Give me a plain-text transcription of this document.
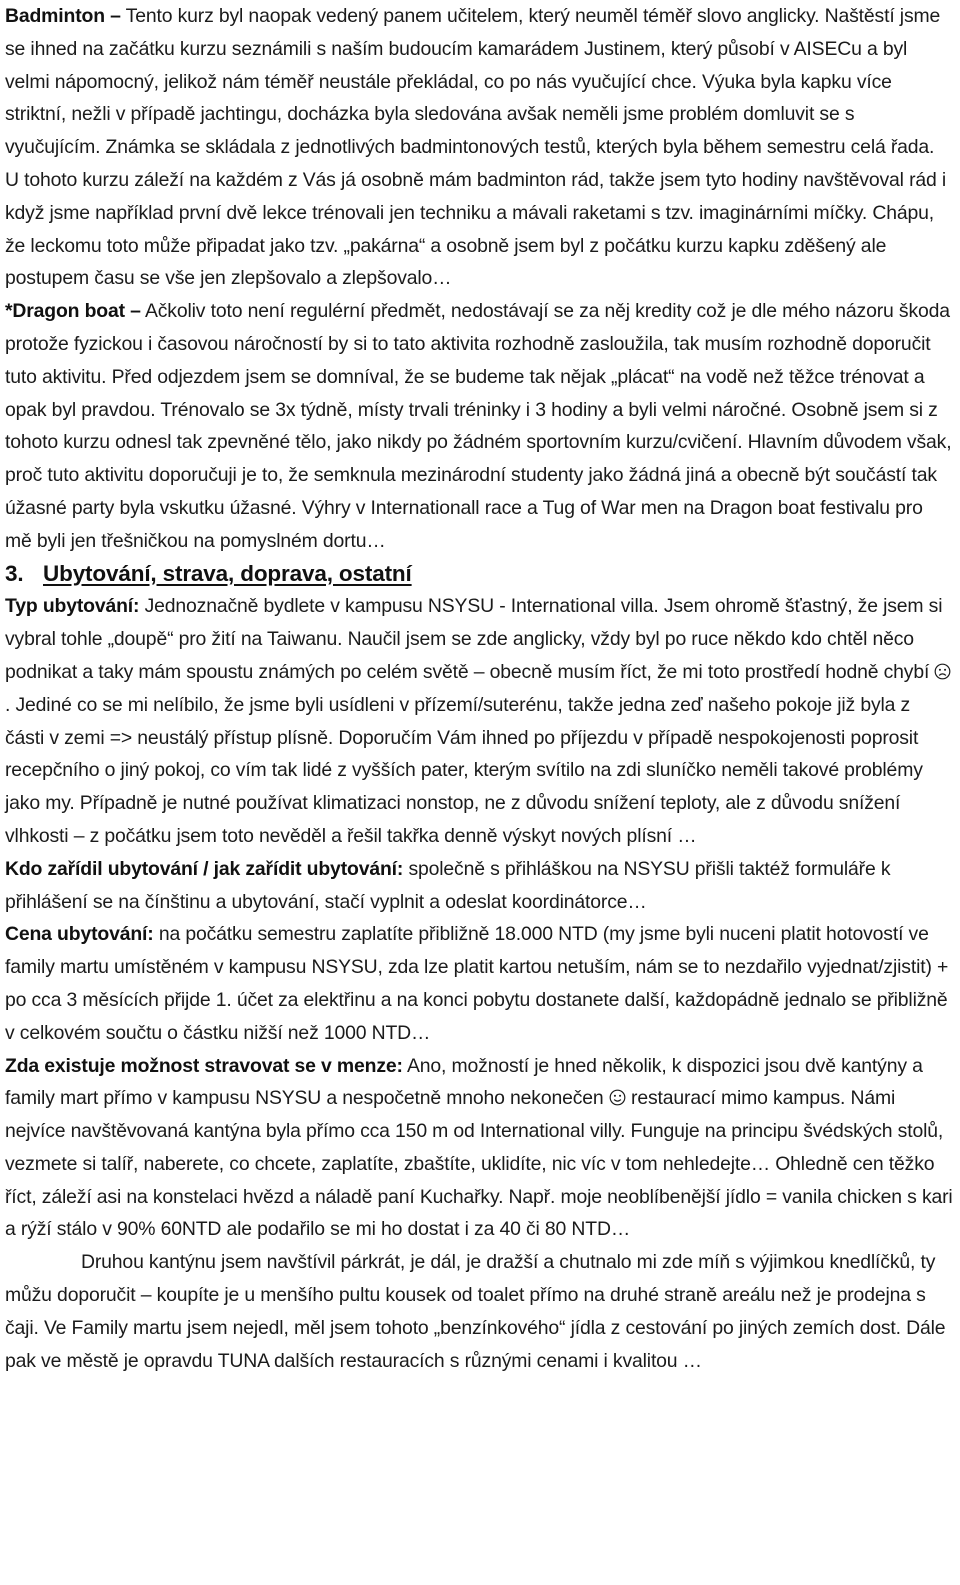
Badminton – Tento kurz byl naopak vedený panem učitelem, který neuměl téměř slovo anglicky. Naštěstí jsme se ihned na začátku kurzu seznámili s naším budoucím kamarádem Justinem, který působí v AISECu a byl velmi nápomocný, jelikož nám téměř neustále překládal, co po nás vyučující chce. Výuka byla kapku více striktní, nežli v případě jachtingu, docházka byla sledována avšak neměli jsme problém domluvit se s vyučujícím. Známka se skládala z jednotlivých badmintonových testů, kterých byla během semestru celá řada. U tohoto kurzu záleží na každém z Vás já osobně mám badminton rád, takže jsem tyto hodiny navštěvoval rád i když jsme například první dvě lekce trénovali jen techniku a mávali raketami s tzv. imaginárními míčky. Chápu, že leckomu toto může připadat jako tzv. „pakárna“ a osobně jsem byl z počátku kurzu kapku zděšený ale postupem času se vše jen zlepšovalo a zlepšovalo…

*Dragon boat – Ačkoliv toto není regulérní předmět, nedostávají se za něj kredity což je dle mého názoru škoda protože fyzickou i časovou náročností by si to tato aktivita rozhodně zasloužila, tak musím rozhodně doporučit tuto aktivitu. Před odjezdem jsem se domníval, že se budeme tak nějak „plácat“ na vodě než těžce trénovat a opak byl pravdou. Trénovalo se 3x týdně, místy trvali tréninky i 3 hodiny a byli velmi náročné. Osobně jsem si z tohoto kurzu odnesl tak zpevněné tělo, jako nikdy po žádném sportovním kurzu/cvičení. Hlavním důvodem však, proč tuto aktivitu doporučuji je to, že semknula mezinárodní studenty jako žádná jiná a obecně být součástí tak úžasné party byla vskutku úžasné. Výhry v Internationall race a Tug of War men na Dragon boat festivalu pro mě byli jen třešničkou na pomyslném dortu…

3. Ubytování, strava, doprava, ostatní

Typ ubytování: Jednoznačně bydlete v kampusu NSYSU - International villa. Jsem ohromě šťastný, že jsem si vybral tohle „doupě“ pro žití na Taiwanu. Naučil jsem se zde anglicky, vždy byl po ruce někdo kdo chtěl něco podnikat a taky mám spoustu známých po celém světě – obecně musím říct, že mi toto prostředí hodně chybí . Jediné co se mi nelíbilo, že jsme byli usídleni v přízemí/suterénu, takže jedna zeď našeho pokoje již byla z části v zemi => neustálý přístup plísně. Doporučím Vám ihned po příjezdu v případě nespokojenosti poprosit recepčního o jiný pokoj, co vím tak lidé z vyšších pater, kterým svítilo na zdi sluníčko neměli takové problémy jako my. Případně je nutné používat klimatizaci nonstop, ne z důvodu snížení teploty, ale z důvodu snížení vlhkosti – z počátku jsem toto nevěděl a řešil takřka denně výskyt nových plísní …

Kdo zařídil ubytování / jak zařídit ubytování: společně s přihláškou na NSYSU přišli taktéž formuláře k přihlášení se na čínštinu a ubytování, stačí vyplnit a odeslat koordinátorce…

Cena ubytování: na počátku semestru zaplatíte přibližně 18.000 NTD (my jsme byli nuceni platit hotovostí ve family martu umístěném v kampusu NSYSU, zda lze platit kartou netuším, nám se to nezdařilo vyjednat/zjistit) + po cca 3 měsících přijde 1. účet za elektřinu a na konci pobytu dostanete další, každopádně jednalo se přibližně v celkovém součtu o částku nižší než 1000 NTD…

Zda existuje možnost stravovat se v menze: Ano, možností je hned několik, k dispozici jsou dvě kantýny a family mart přímo v kampusu NSYSU a nespočetně mnoho nekonečen  restaurací mimo kampus. Námi nejvíce navštěvovaná kantýna byla přímo cca 150 m od International villy. Funguje na principu švédských stolů, vezmete si talíř, naberete, co chcete, zaplatíte, zbaštíte, uklidíte, nic víc v tom nehledejte… Ohledně cen těžko říct, záleží asi na konstelaci hvězd a náladě paní Kuchařky. Např. moje neoblíbenější jídlo = vanila chicken s kari a rýží stálo v 90% 60NTD ale podařilo se mi ho dostat i za 40 či 80 NTD…

Druhou kantýnu jsem navštívil párkrát, je dál, je dražší a chutnalo mi zde míň s výjimkou knedlíčků, ty můžu doporučit – koupíte je u menšího pultu kousek od toalet přímo na druhé straně areálu než je prodejna s čaji. Ve Family martu jsem nejedl, měl jsem tohoto „benzínkového“ jídla z cestování po jiných zemích dost. Dále pak ve městě je opravdu TUNA dalších restauracích s různými cenami i kvalitou …
